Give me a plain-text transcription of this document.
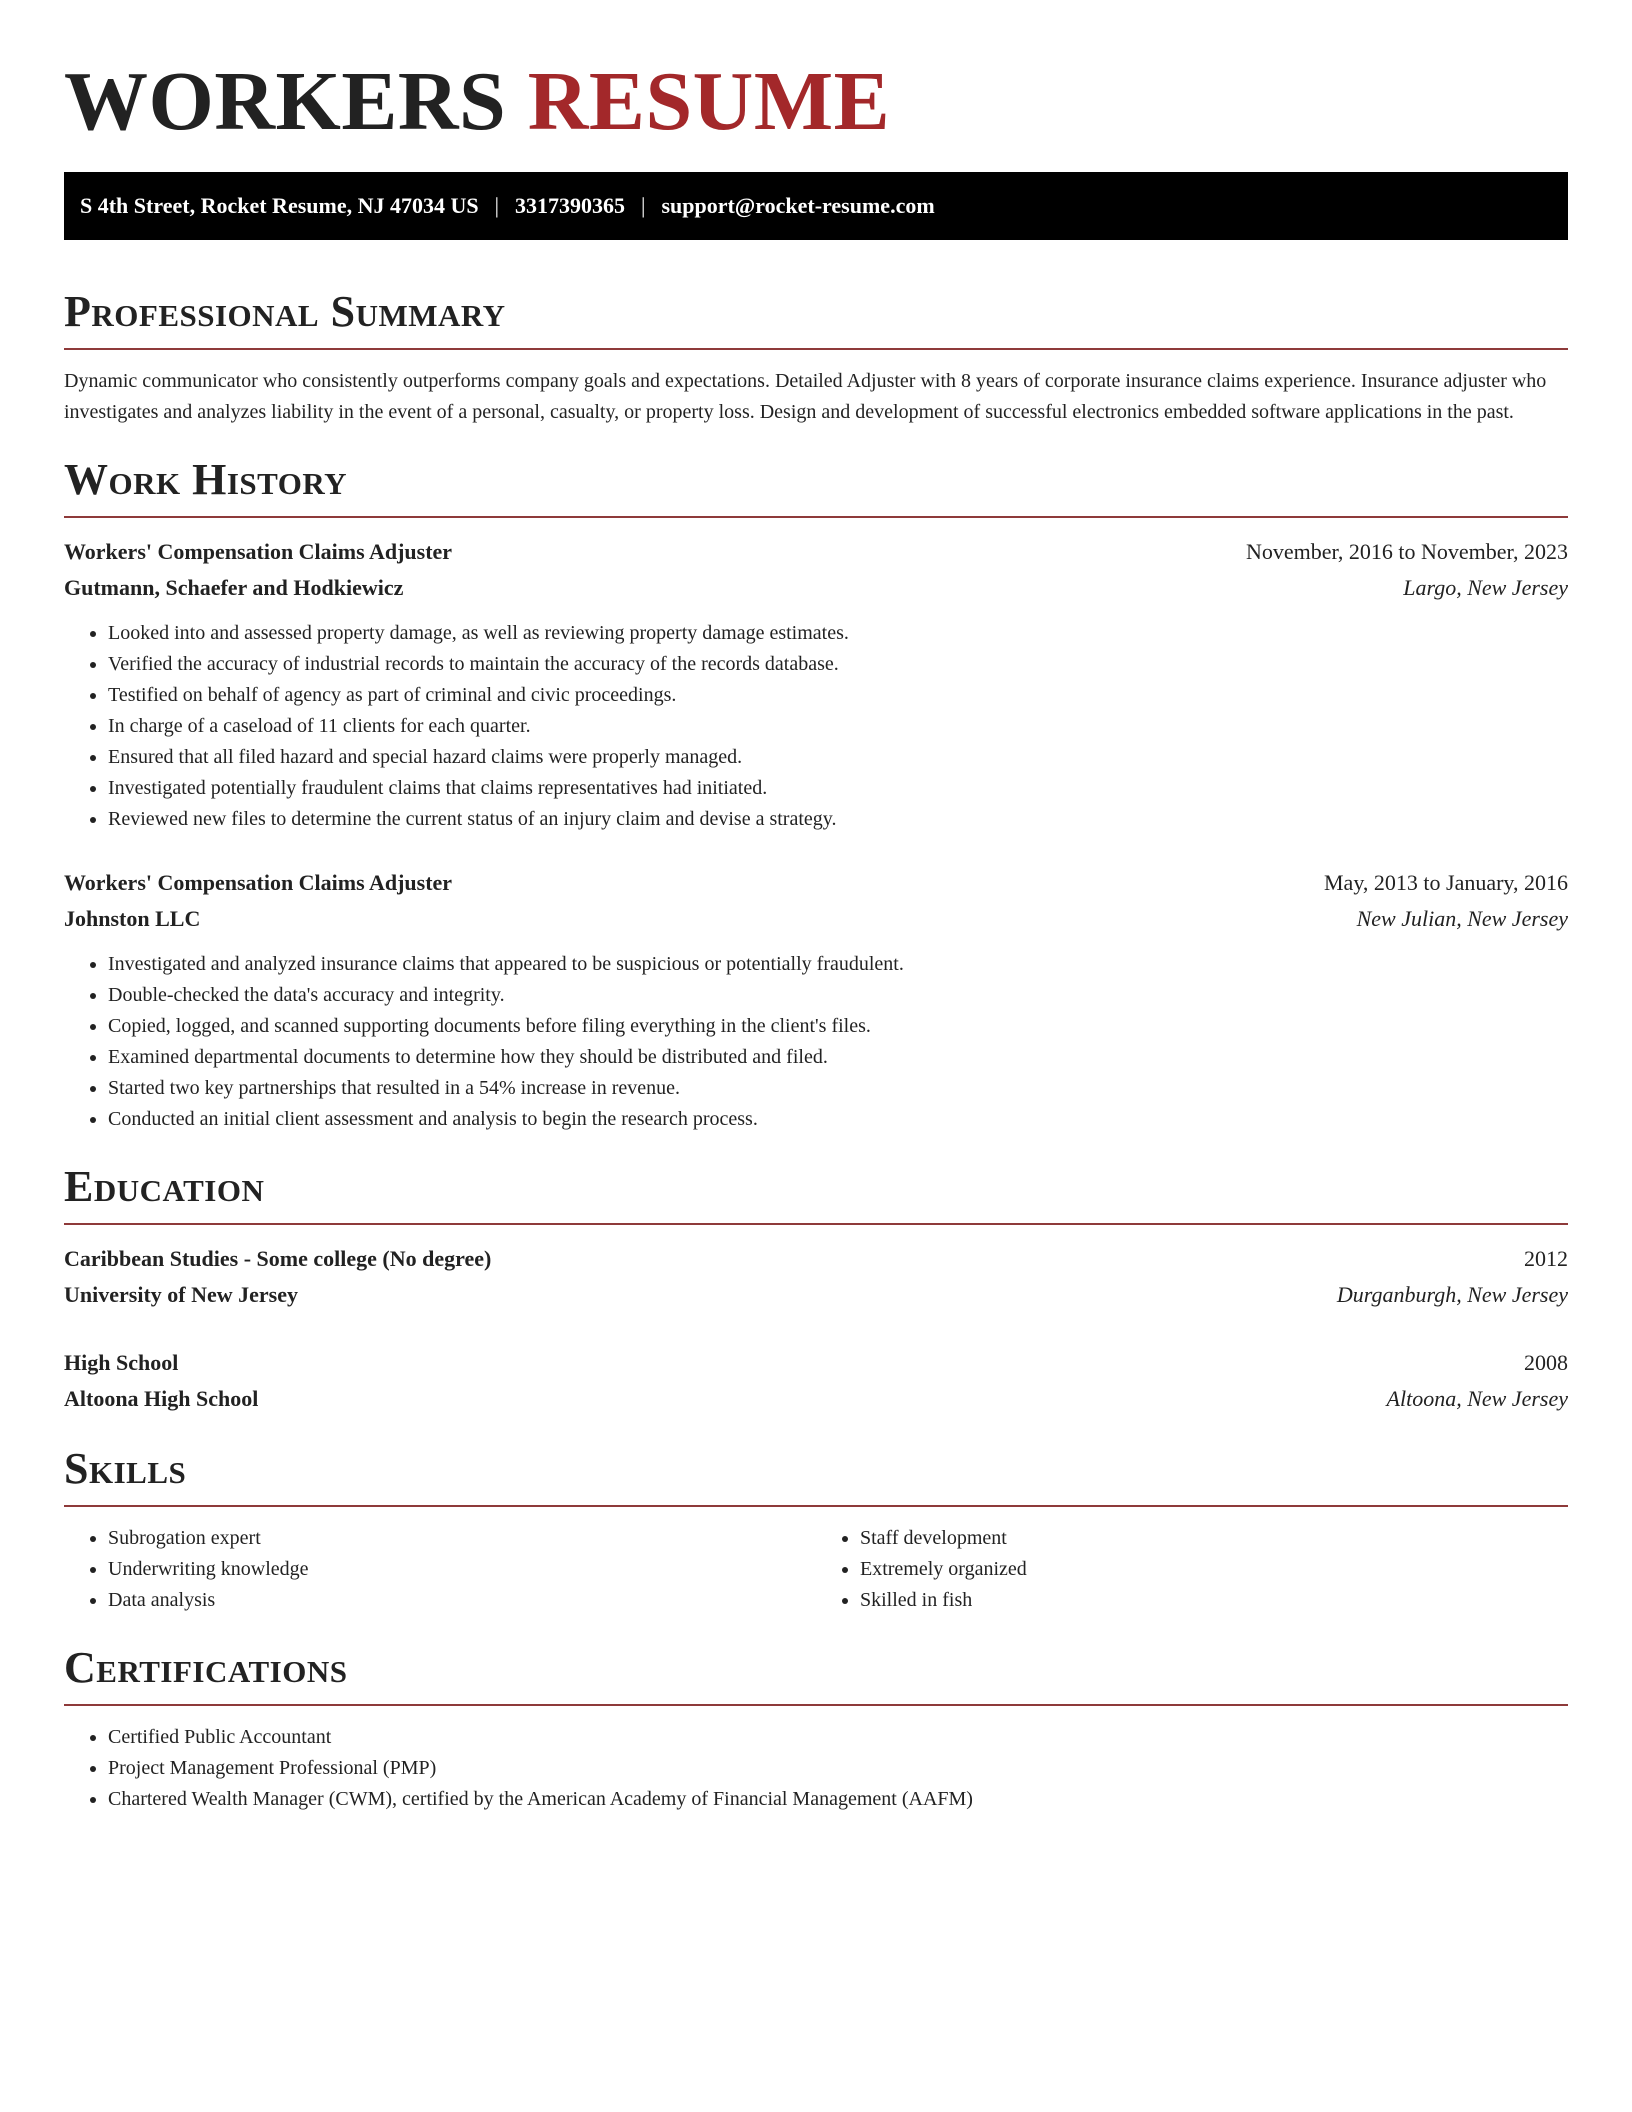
WORKERS RESUME
S 4th Street, Rocket Resume, NJ 47034 US | 3317390365 | support@rocket-resume.com
Professional Summary

Dynamic communicator who consistently outperforms company goals and expectations. Detailed Adjuster with 8 years of corporate insurance claims experience. Insurance adjuster who investigates and analyzes liability in the event of a personal, casualty, or property loss. Design and development of successful electronics embedded software applications in the past.

Work History
Workers' Compensation Claims Adjuster	November, 2016 to November, 2023
Gutmann, Schaefer and Hodkiewicz	Largo, New Jersey
• Looked into and assessed property damage, as well as reviewing property damage estimates.
• Verified the accuracy of industrial records to maintain the accuracy of the records database.
• Testified on behalf of agency as part of criminal and civic proceedings.
• In charge of a caseload of 11 clients for each quarter.
• Ensured that all filed hazard and special hazard claims were properly managed.
• Investigated potentially fraudulent claims that claims representatives had initiated.
• Reviewed new files to determine the current status of an injury claim and devise a strategy.
Workers' Compensation Claims Adjuster	May, 2013 to January, 2016
Johnston LLC	New Julian, New Jersey
• Investigated and analyzed insurance claims that appeared to be suspicious or potentially fraudulent.
• Double-checked the data's accuracy and integrity.
• Copied, logged, and scanned supporting documents before filing everything in the client's files.
• Examined departmental documents to determine how they should be distributed and filed.
• Started two key partnerships that resulted in a 54% increase in revenue.
• Conducted an initial client assessment and analysis to begin the research process.
Education
Caribbean Studies - Some college (No degree)	2012
University of New Jersey	Durganburgh, New Jersey
High School	2008
Altoona High School	Altoona, New Jersey
Skills
• Subrogation expert
• Underwriting knowledge
• Data analysis
• Staff development
• Extremely organized
• Skilled in fish
Certifications
• Certified Public Accountant
• Project Management Professional (PMP)
• Chartered Wealth Manager (CWM), certified by the American Academy of Financial Management (AAFM)
